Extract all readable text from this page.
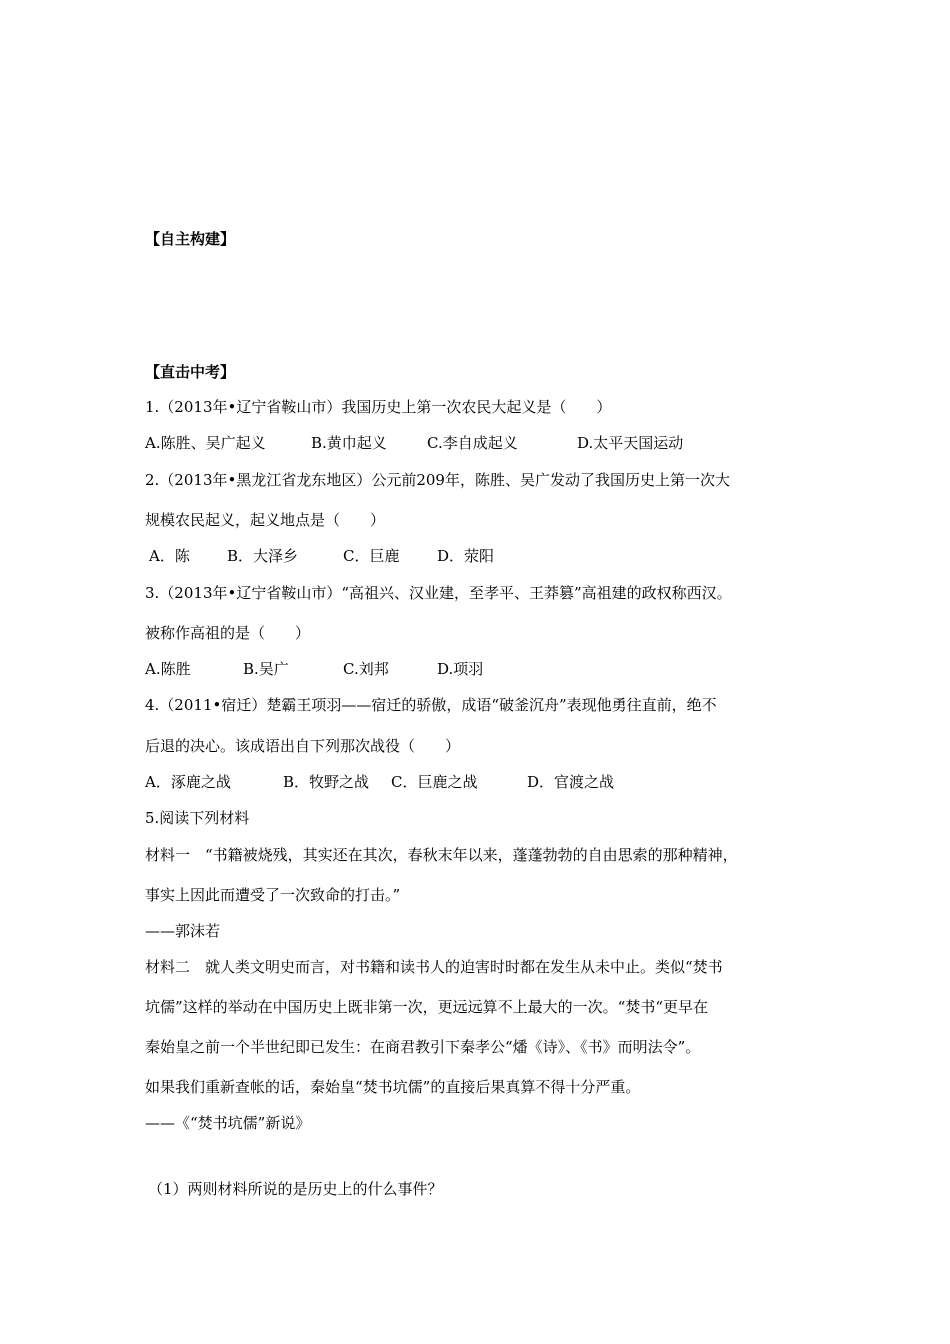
【自主构建】
【直击中考】
1.（2013年•辽宁省鞍山市）我国历史上第一次农民大起义是（　　）
A.陈胜、吴广起义	B.黄巾起义	C.李自成起义	D.太平天国运动
2.（2013年•黑龙江省龙东地区）公元前209年，陈胜、吴广发动了我国历史上第一次大
规模农民起义，起义地点是（　　）
A．陈 B．大泽乡	C．巨鹿	D．荥阳
3.（2013年•辽宁省鞍山市）“高祖兴、汉业建，至孝平、王莽篡”高祖建的政权称西汉。
被称作高祖的是（　　）
A.陈胜	B.吴广	C.刘邦	D.项羽
4.（2011•宿迁）楚霸王项羽——宿迁的骄傲，成语“破釜沉舟”表现他勇往直前，绝不
后退的决心。该成语出自下列那次战役（　　）
A．涿鹿之战	B．牧野之战 C．巨鹿之战	D．官渡之战
5.阅读下列材料
材料一　“书籍被烧残，其实还在其次，春秋末年以来，蓬蓬勃勃的自由思索的那种精神，
事实上因此而遭受了一次致命的打击。”
——郭沫若
材料二　就人类文明史而言，对书籍和读书人的迫害时时都在发生从未中止。类似“焚书
坑儒”这样的举动在中国历史上既非第一次，更远远算不上最大的一次。“焚书“更早在
秦始皇之前一个半世纪即已发生：在商君教引下秦孝公“燔《诗》、《书》而明法令”。
如果我们重新查帐的话，秦始皇“焚书坑儒”的直接后果真算不得十分严重。
——《“焚书坑儒”新说》
（1）两则材料所说的是历史上的什么事件？
